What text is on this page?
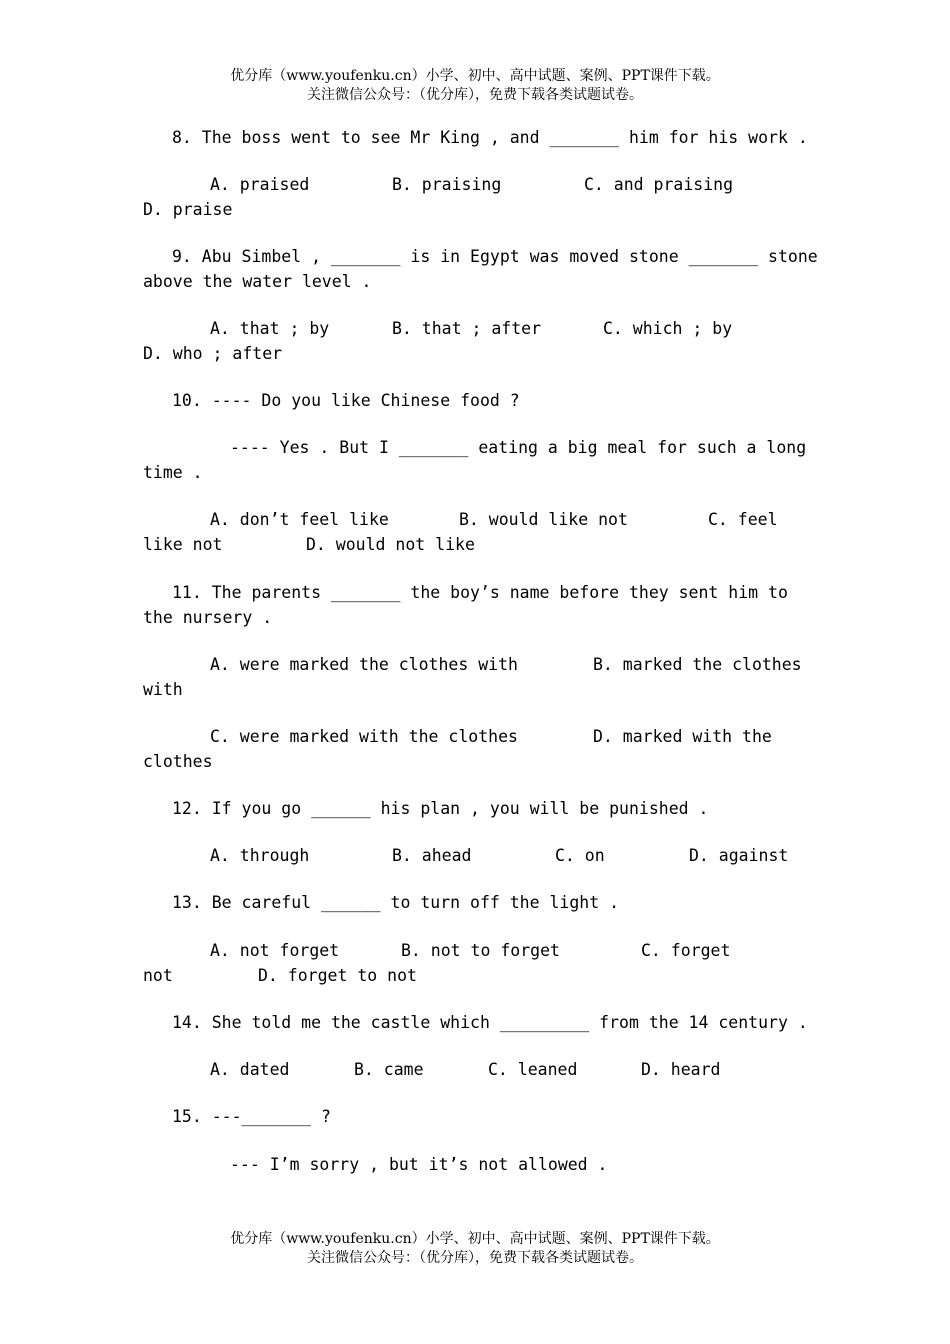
优分库（www.youfenku.cn）小学、初中、高中试题、案例、PPT课件下载。
关注微信公众号：（优分库），免费下载各类试题试卷。
8. The boss went to see Mr King , and _______ him for his work .
A. praised	B. praising	C. and praising
D. praise
9. Abu Simbel , _______ is in Egypt was moved stone _______ stone
above the water level .
A. that ; by	B. that ; after	C. which ; by
D. who ; after
10. ---- Do you like Chinese food ?
---- Yes . But I _______ eating a big meal for such a long
time .
A. don’t feel like	B. would like not	C. feel
like not	D. would not like
11. The parents _______ the boy’s name before they sent him to
the nursery .
A. were marked the clothes with	B. marked the clothes
with
C. were marked with the clothes	D. marked with the
clothes
12. If you go ______ his plan , you will be punished .
A. through	B. ahead	C. on	D. against
13. Be careful ______ to turn off the light .
A. not forget	B. not to forget	C. forget
not	D. forget to not
14. She told me the castle which _________ from the 14 century .
A. dated	B. came	C. leaned	D. heard
15. ---_______ ?
--- I’m sorry , but it’s not allowed .
优分库（www.youfenku.cn）小学、初中、高中试题、案例、PPT课件下载。
关注微信公众号：（优分库），免费下载各类试题试卷。
